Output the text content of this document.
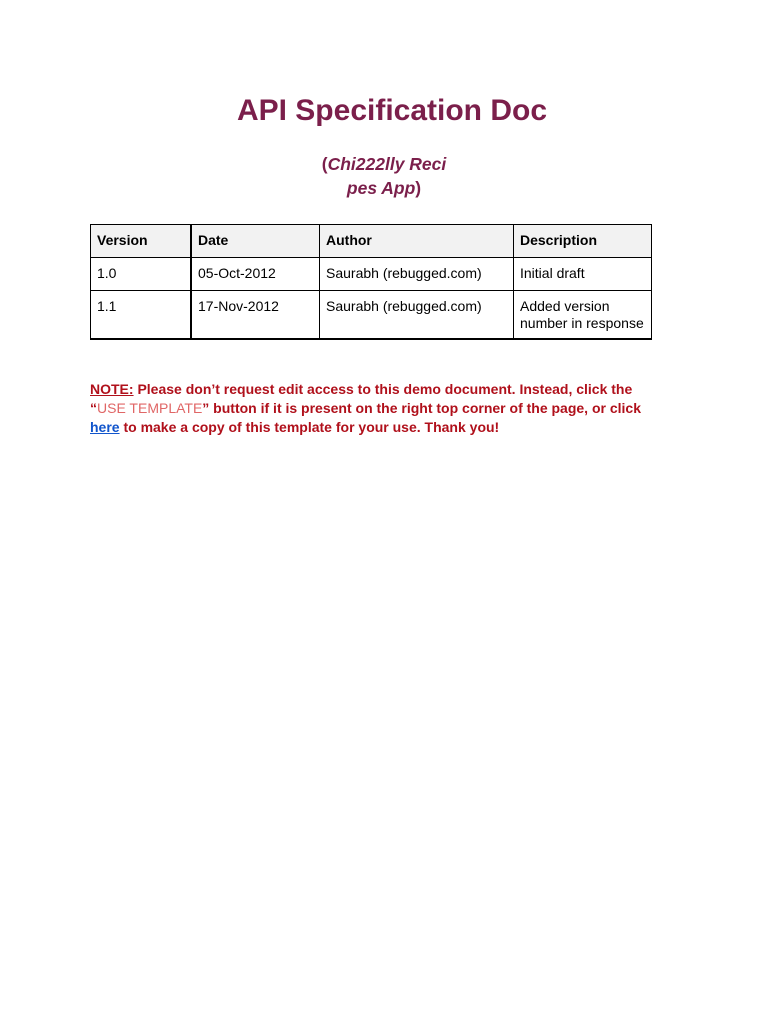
API Specification Doc
(Chi222lly Reci
pes App)
Version	Date	Author	Description
1.0	05-Oct-2012	Saurabh (rebugged.com)	Initial draft
1.1	17-Nov-2012	Saurabh (rebugged.com)	Added version number in response
NOTE: Please don’t request edit access to this demo document. Instead, click the “USE TEMPLATE” button if it is present on the right top corner of the page, or click here to make a copy of this template for your use. Thank you!
